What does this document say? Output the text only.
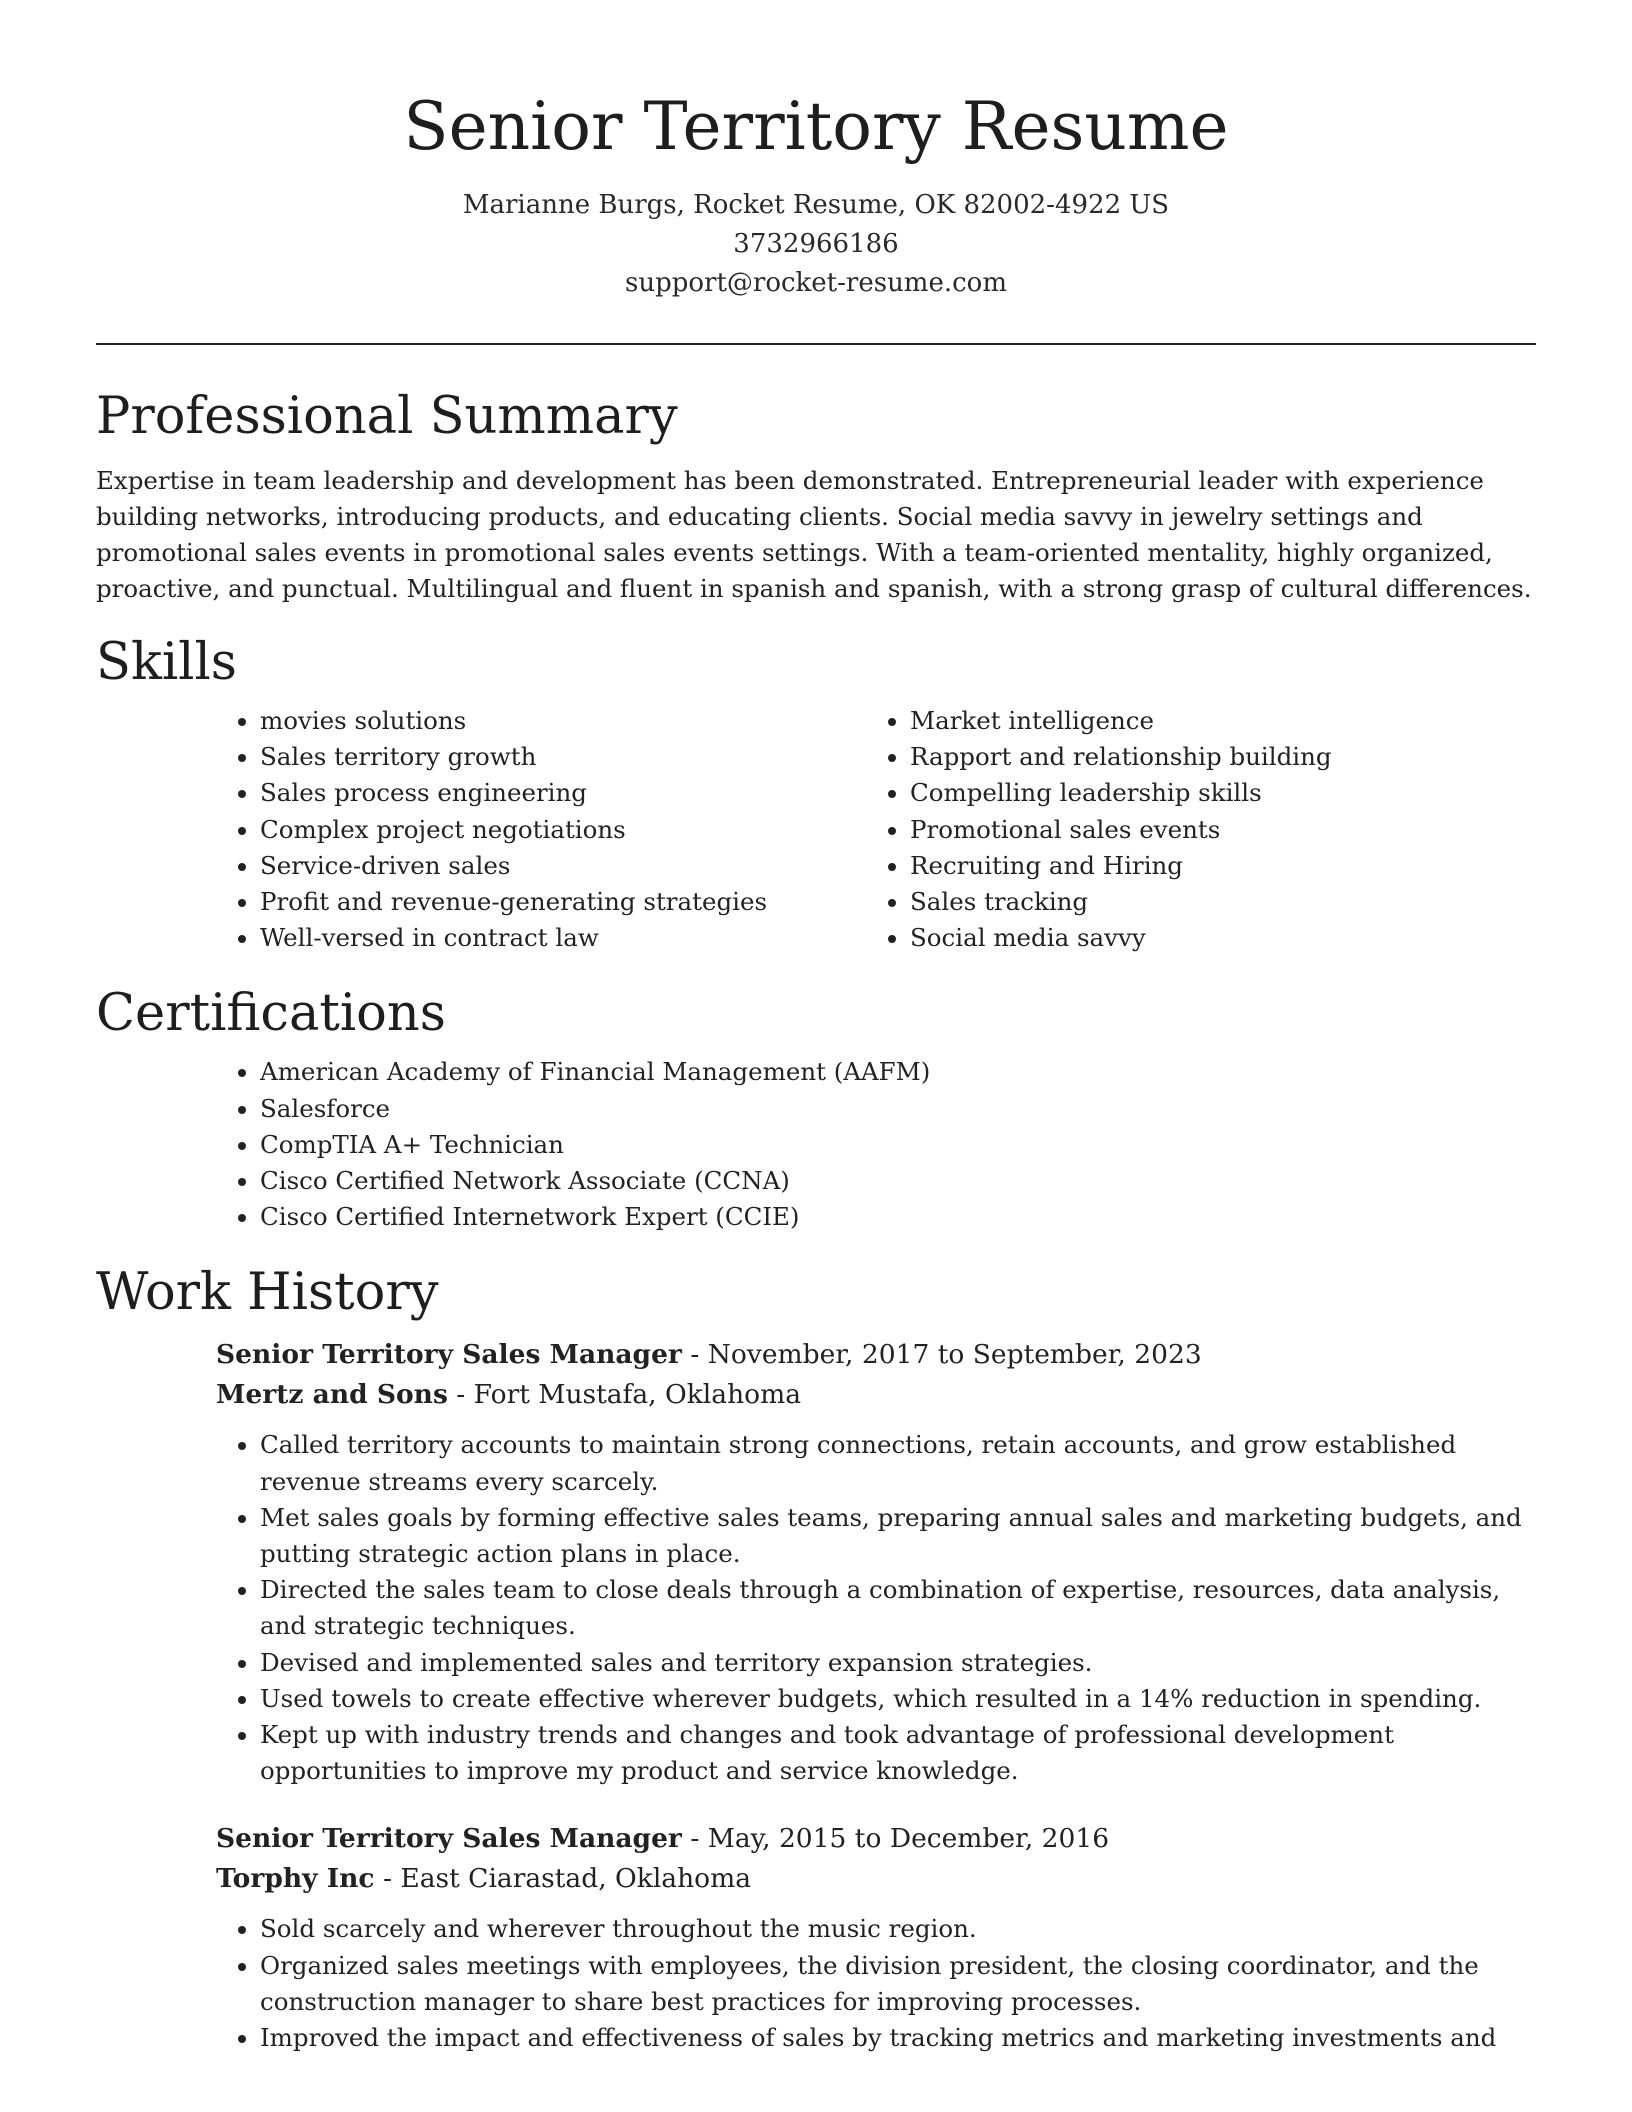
Senior Territory Resume
Marianne Burgs, Rocket Resume, OK 82002-4922 US
3732966186
support@rocket-resume.com
Professional Summary

Expertise in team leadership and development has been demonstrated. Entrepreneurial leader with experience building networks, introducing products, and educating clients. Social media savvy in jewelry settings and promotional sales events in promotional sales events settings. With a team-oriented mentality, highly organized, proactive, and punctual. Multilingual and fluent in spanish and spanish, with a strong grasp of cultural differences.

Skills
• movies solutions
• Sales territory growth
• Sales process engineering
• Complex project negotiations
• Service-driven sales
• Profit and revenue-generating strategies
• Well-versed in contract law
• Market intelligence
• Rapport and relationship building
• Compelling leadership skills
• Promotional sales events
• Recruiting and Hiring
• Sales tracking
• Social media savvy
Certifications
• American Academy of Financial Management (AAFM)
• Salesforce
• CompTIA A+ Technician
• Cisco Certified Network Associate (CCNA)
• Cisco Certified Internetwork Expert (CCIE)
Work History
Senior Territory Sales Manager - November, 2017 to September, 2023
Mertz and Sons - Fort Mustafa, Oklahoma
• Called territory accounts to maintain strong connections, retain accounts, and grow established revenue streams every scarcely.
• Met sales goals by forming effective sales teams, preparing annual sales and marketing budgets, and putting strategic action plans in place.
• Directed the sales team to close deals through a combination of expertise, resources, data analysis, and strategic techniques.
• Devised and implemented sales and territory expansion strategies.
• Used towels to create effective wherever budgets, which resulted in a 14% reduction in spending.
• Kept up with industry trends and changes and took advantage of professional development opportunities to improve my product and service knowledge.
Senior Territory Sales Manager - May, 2015 to December, 2016
Torphy Inc - East Ciarastad, Oklahoma
• Sold scarcely and wherever throughout the music region.
• Organized sales meetings with employees, the division president, the closing coordinator, and the construction manager to share best practices for improving processes.
• Improved the impact and effectiveness of sales by tracking metrics and marketing investments and
